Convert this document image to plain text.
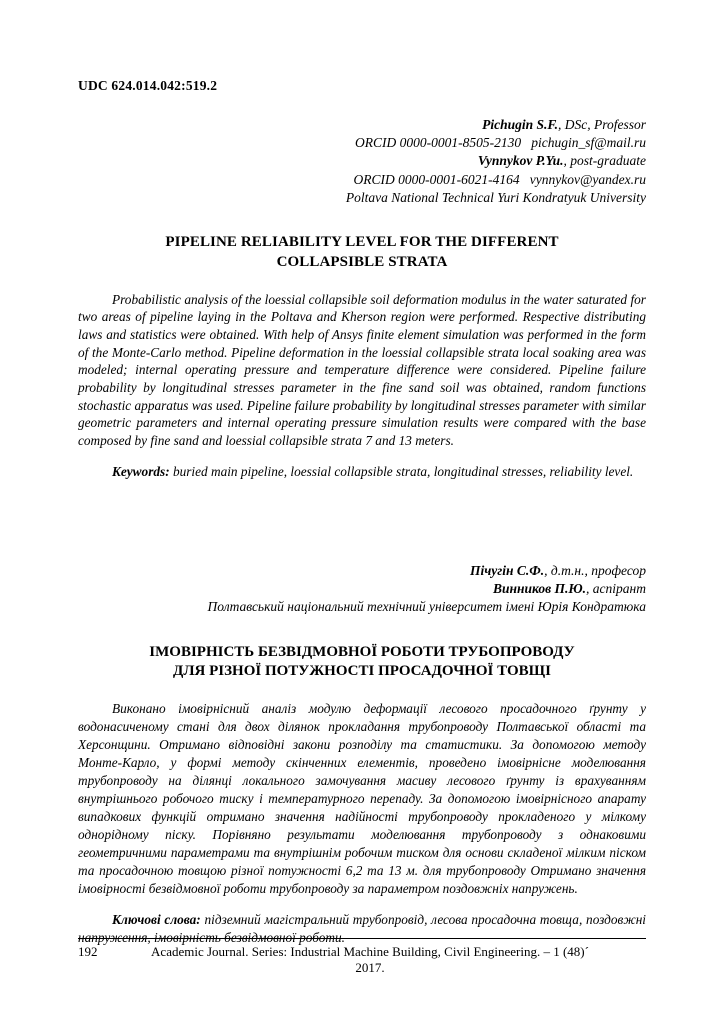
UDC 624.014.042:519.2
Pichugin S.F., DSc, Professor
ORCID 0000-0001-8505-2130 pichugin_sf@mail.ru
Vynnykov P.Yu., post-graduate
ORCID 0000-0001-6021-4164 vynnykov@yandex.ru
Poltava National Technical Yuri Kondratyuk University
PIPELINE RELIABILITY LEVEL FOR THE DIFFERENT
COLLAPSIBLE STRATA

Probabilistic analysis of the loessial collapsible soil deformation modulus in the water saturated for two areas of pipeline laying in the Poltava and Kherson region were performed. Respective distributing laws and statistics were obtained. With help of Ansys finite element simulation was performed in the form of the Monte-Carlo method. Pipeline deformation in the loessial collapsible strata local soaking area was modeled; internal operating pressure and temperature difference were considered. Pipeline failure probability by longitudinal stresses parameter in the fine sand soil was obtained, random functions stochastic apparatus was used. Pipeline failure probability by longitudinal stresses parameter with similar geometric parameters and internal operating pressure simulation results were compared with the base composed by fine sand and loessial collapsible strata 7 and 13 meters.

Keywords: buried main pipeline, loessial collapsible strata, longitudinal stresses, reliability level.

Пічугін С.Ф., д.т.н., професор
Винников П.Ю., аспірант
Полтавський національний технічний університет імені Юрія Кондратюка
ІМОВІРНІСТЬ БЕЗВІДМОВНОЇ РОБОТИ ТРУБОПРОВОДУ
ДЛЯ РІЗНОЇ ПОТУЖНОСТІ ПРОСАДОЧНОЇ ТОВЩІ

Виконано імовірнісний аналіз модулю деформації лесового просадочного ґрунту у водонасиченому стані для двох ділянок прокладання трубопроводу Полтавської області та Херсонщини. Отримано відповідні закони розподілу та статистики. За допомогою методу Монте-Карло, у формі методу скінченних елементів, проведено імовірнісне моделювання трубопроводу на ділянці локального замочування масиву лесового ґрунту із врахуванням внутрішнього робочого тиску і температурного перепаду. За допомогою імовірнісного апарату випадкових функцій отримано значення надійності трубопроводу прокладеного у мілкому однорідному піску. Порівняно результати моделювання трубопроводу з однаковими геометричними параметрами та внутрішнім робочим тиском для основи складеної мілким піском та просадочною товщою різної потужності 6,2 та 13 м. для трубопроводу Отримано значення імовірності безвідмовної роботи трубопроводу за параметром поздовжніх напружень.

Ключові слова: підземний магістральний трубопровід, лесова просадочна товща, поздовжні напруження, імовірність безвідмовної роботи.

192	Academic Journal. Series: Industrial Machine Building, Civil Engineering. – 1 (48)´ 2017.
